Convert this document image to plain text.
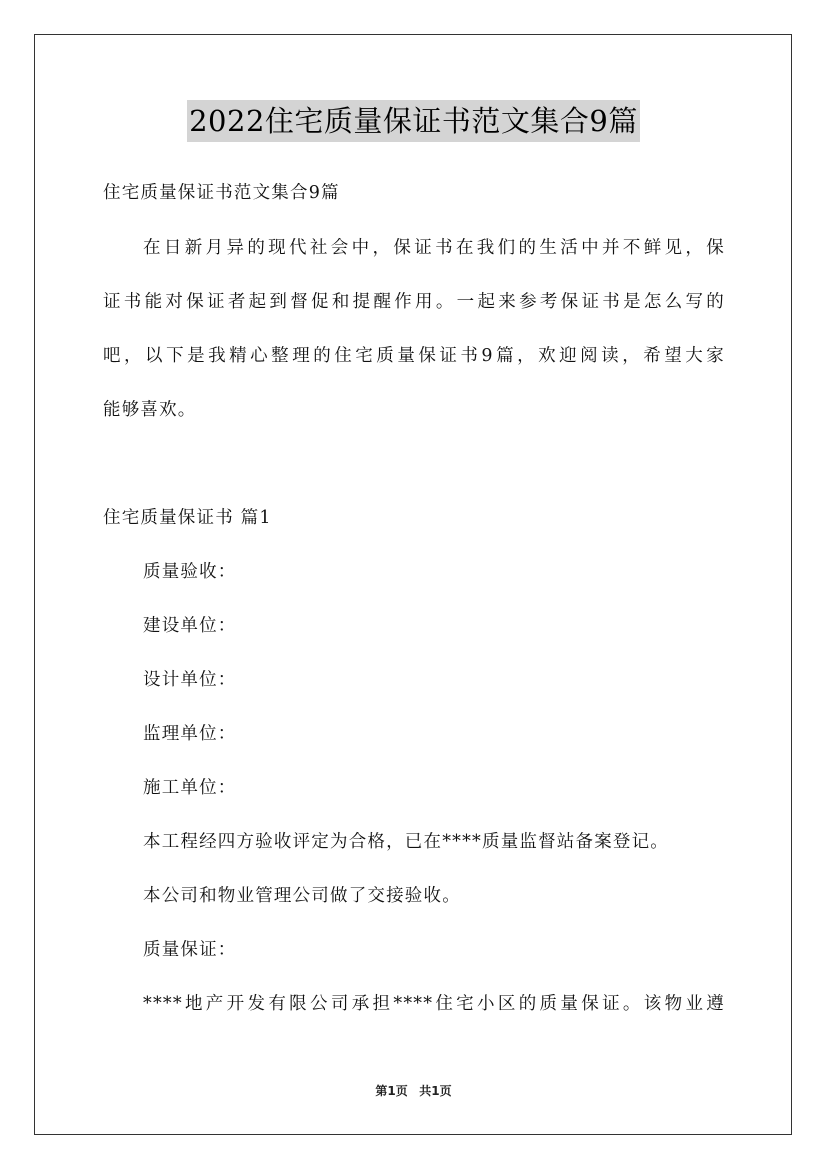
2022住宅质量保证书范文集合9篇
住宅质量保证书范文集合9篇
在日新月异的现代社会中，保证书在我们的生活中并不鲜见，保
证书能对保证者起到督促和提醒作用。一起来参考保证书是怎么写的
吧，以下是我精心整理的住宅质量保证书9篇，欢迎阅读，希望大家
能够喜欢。
住宅质量保证书 篇1
质量验收：
建设单位：
设计单位：
监理单位：
施工单位：
本工程经四方验收评定为合格，已在****质量监督站备案登记。
本公司和物业管理公司做了交接验收。
质量保证：
****地产开发有限公司承担****住宅小区的质量保证。该物业遵
第1页 共1页
